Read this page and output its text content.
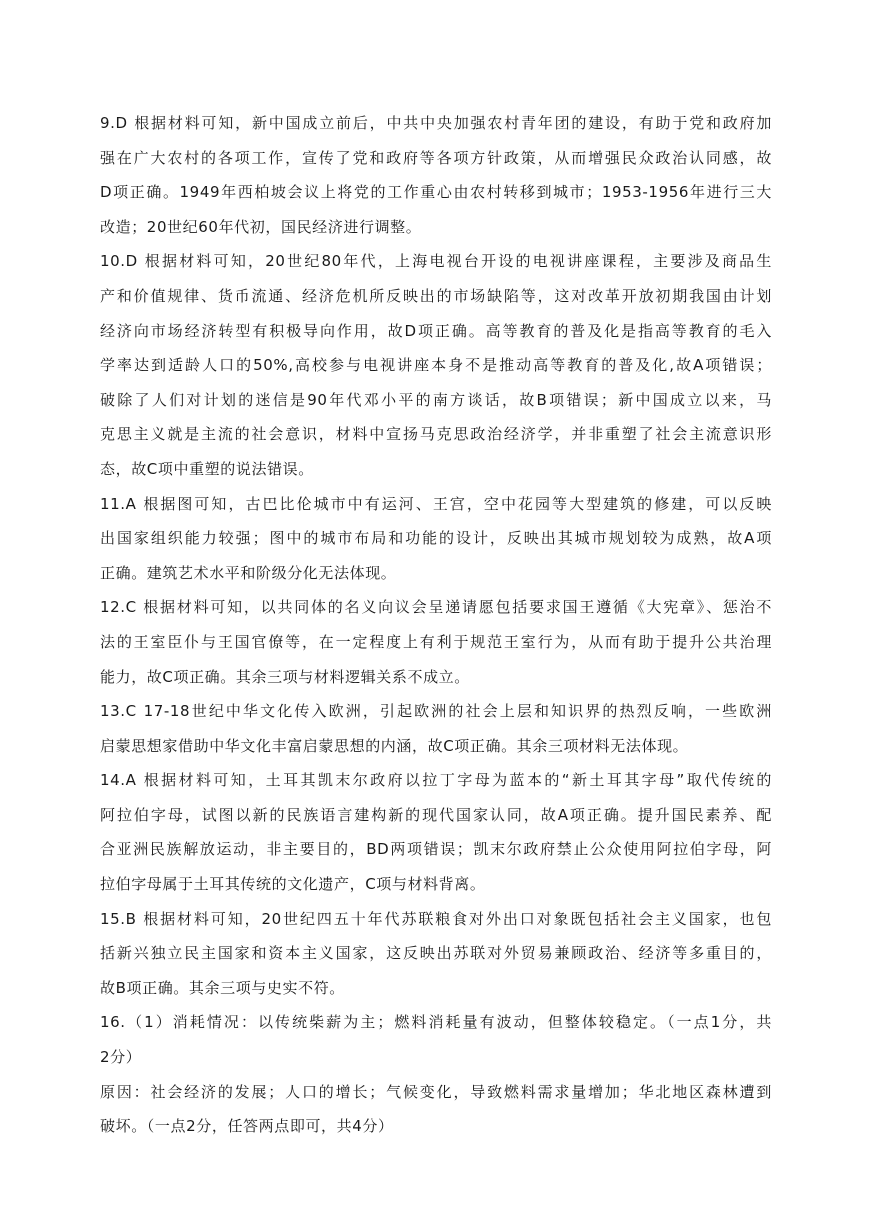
9.D 根据材料可知，新中国成立前后，中共中央加强农村青年团的建设，有助于党和政府加
强在广大农村的各项工作，宣传了党和政府等各项方针政策，从而增强民众政治认同感，故
D项正确。1949年西柏坡会议上将党的工作重心由农村转移到城市；1953-1956年进行三大
改造；20世纪60年代初，国民经济进行调整。
10.D 根据材料可知，20世纪80年代，上海电视台开设的电视讲座课程，主要涉及商品生
产和价值规律、货币流通、经济危机所反映出的市场缺陷等，这对改革开放初期我国由计划
经济向市场经济转型有积极导向作用，故D项正确。高等教育的普及化是指高等教育的毛入
学率达到适龄人口的50%,高校参与电视讲座本身不是推动高等教育的普及化,故A项错误；
破除了人们对计划的迷信是90年代邓小平的南方谈话，故B项错误；新中国成立以来，马
克思主义就是主流的社会意识，材料中宣扬马克思政治经济学，并非重塑了社会主流意识形
态，故C项中重塑的说法错误。
11.A 根据图可知，古巴比伦城市中有运河、王宫，空中花园等大型建筑的修建，可以反映
出国家组织能力较强；图中的城市布局和功能的设计，反映出其城市规划较为成熟，故A项
正确。建筑艺术水平和阶级分化无法体现。
12.C 根据材料可知，以共同体的名义向议会呈递请愿包括要求国王遵循《大宪章》、惩治不
法的王室臣仆与王国官僚等，在一定程度上有利于规范王室行为，从而有助于提升公共治理
能力，故C项正确。其余三项与材料逻辑关系不成立。
13.C 17-18世纪中华文化传入欧洲，引起欧洲的社会上层和知识界的热烈反响，一些欧洲
启蒙思想家借助中华文化丰富启蒙思想的内涵，故C项正确。其余三项材料无法体现。
14.A 根据材料可知，土耳其凯末尔政府以拉丁字母为蓝本的“新土耳其字母”取代传统的
阿拉伯字母，试图以新的民族语言建构新的现代国家认同，故A项正确。提升国民素养、配
合亚洲民族解放运动，非主要目的，BD两项错误；凯末尔政府禁止公众使用阿拉伯字母，阿
拉伯字母属于土耳其传统的文化遗产，C项与材料背离。
15.B 根据材料可知，20世纪四五十年代苏联粮食对外出口对象既包括社会主义国家，也包
括新兴独立民主国家和资本主义国家，这反映出苏联对外贸易兼顾政治、经济等多重目的，
故B项正确。其余三项与史实不符。
16.（1）消耗情况：以传统柴薪为主；燃料消耗量有波动，但整体较稳定。（一点1分，共
2分）
原因：社会经济的发展；人口的增长；气候变化，导致燃料需求量增加；华北地区森林遭到
破坏。（一点2分，任答两点即可，共4分）
